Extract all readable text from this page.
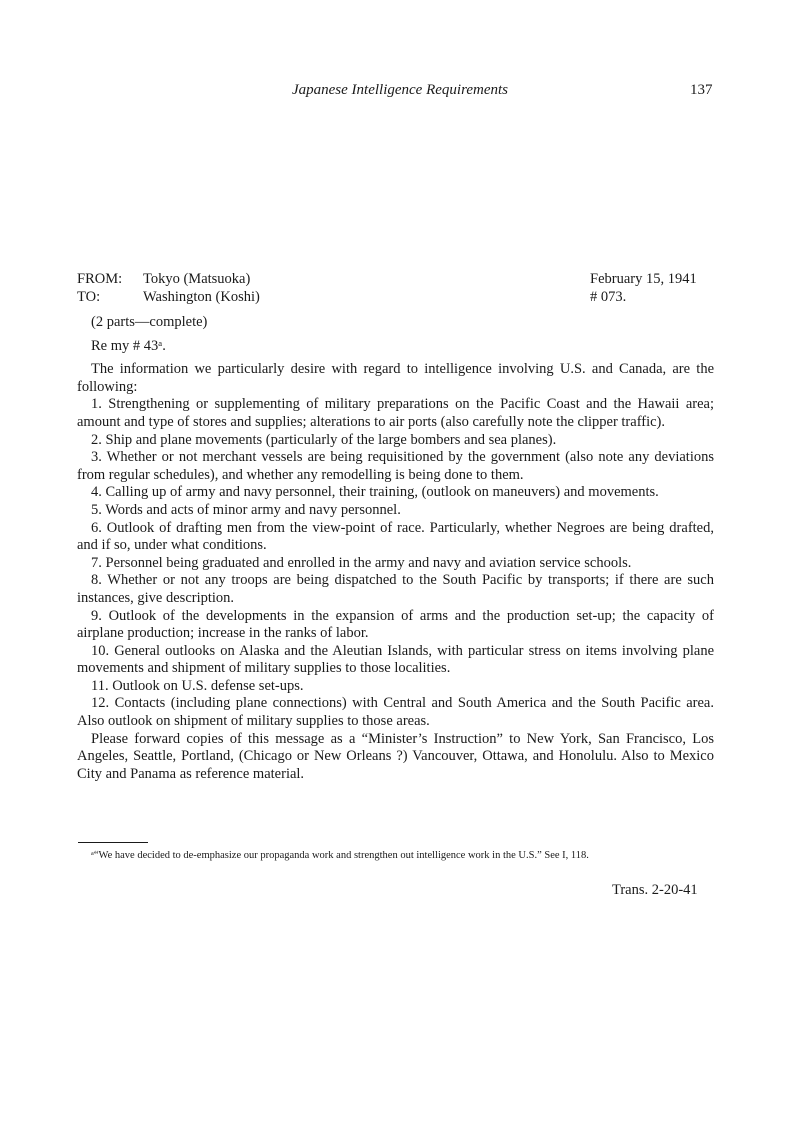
Japanese Intelligence Requirements	137
FROM: Tokyo (Matsuoka)	February 15, 1941
TO:	Washington (Koshi)	# 073.

(2 parts—complete)

Re my # 43ᵃ.

The information we particularly desire with regard to intelligence involving U.S. and Canada, are the following:

1. Strengthening or supplementing of military preparations on the Pacific Coast and the Hawaii area; amount and type of stores and supplies; alterations to air ports (also carefully note the clipper traffic).

2. Ship and plane movements (particularly of the large bombers and sea planes).

3. Whether or not merchant vessels are being requisitioned by the government (also note any deviations from regular schedules), and whether any remodelling is being done to them.

4. Calling up of army and navy personnel, their training, (outlook on maneuvers) and movements.

5. Words and acts of minor army and navy personnel.

6. Outlook of drafting men from the view-point of race. Particularly, whether Negroes are being drafted, and if so, under what conditions.

7. Personnel being graduated and enrolled in the army and navy and aviation service schools.

8. Whether or not any troops are being dispatched to the South Pacific by transports; if there are such instances, give description.

9. Outlook of the developments in the expansion of arms and the production set-up; the capacity of airplane production; increase in the ranks of labor.

10. General outlooks on Alaska and the Aleutian Islands, with particular stress on items involving plane movements and shipment of military supplies to those localities.

11. Outlook on U.S. defense set-ups.

12. Contacts (including plane connections) with Central and South America and the South Pacific area. Also outlook on shipment of military supplies to those areas.

Please forward copies of this message as a “Minister’s Instruction” to New York, San Francisco, Los Angeles, Seattle, Portland, (Chicago or New Orleans ?) Vancouver, Ottawa, and Honolulu. Also to Mexico City and Panama as reference material.

ᵃ“We have decided to de-emphasize our propaganda work and strengthen out intelligence work in the U.S.” See I, 118.
Trans. 2-20-41
